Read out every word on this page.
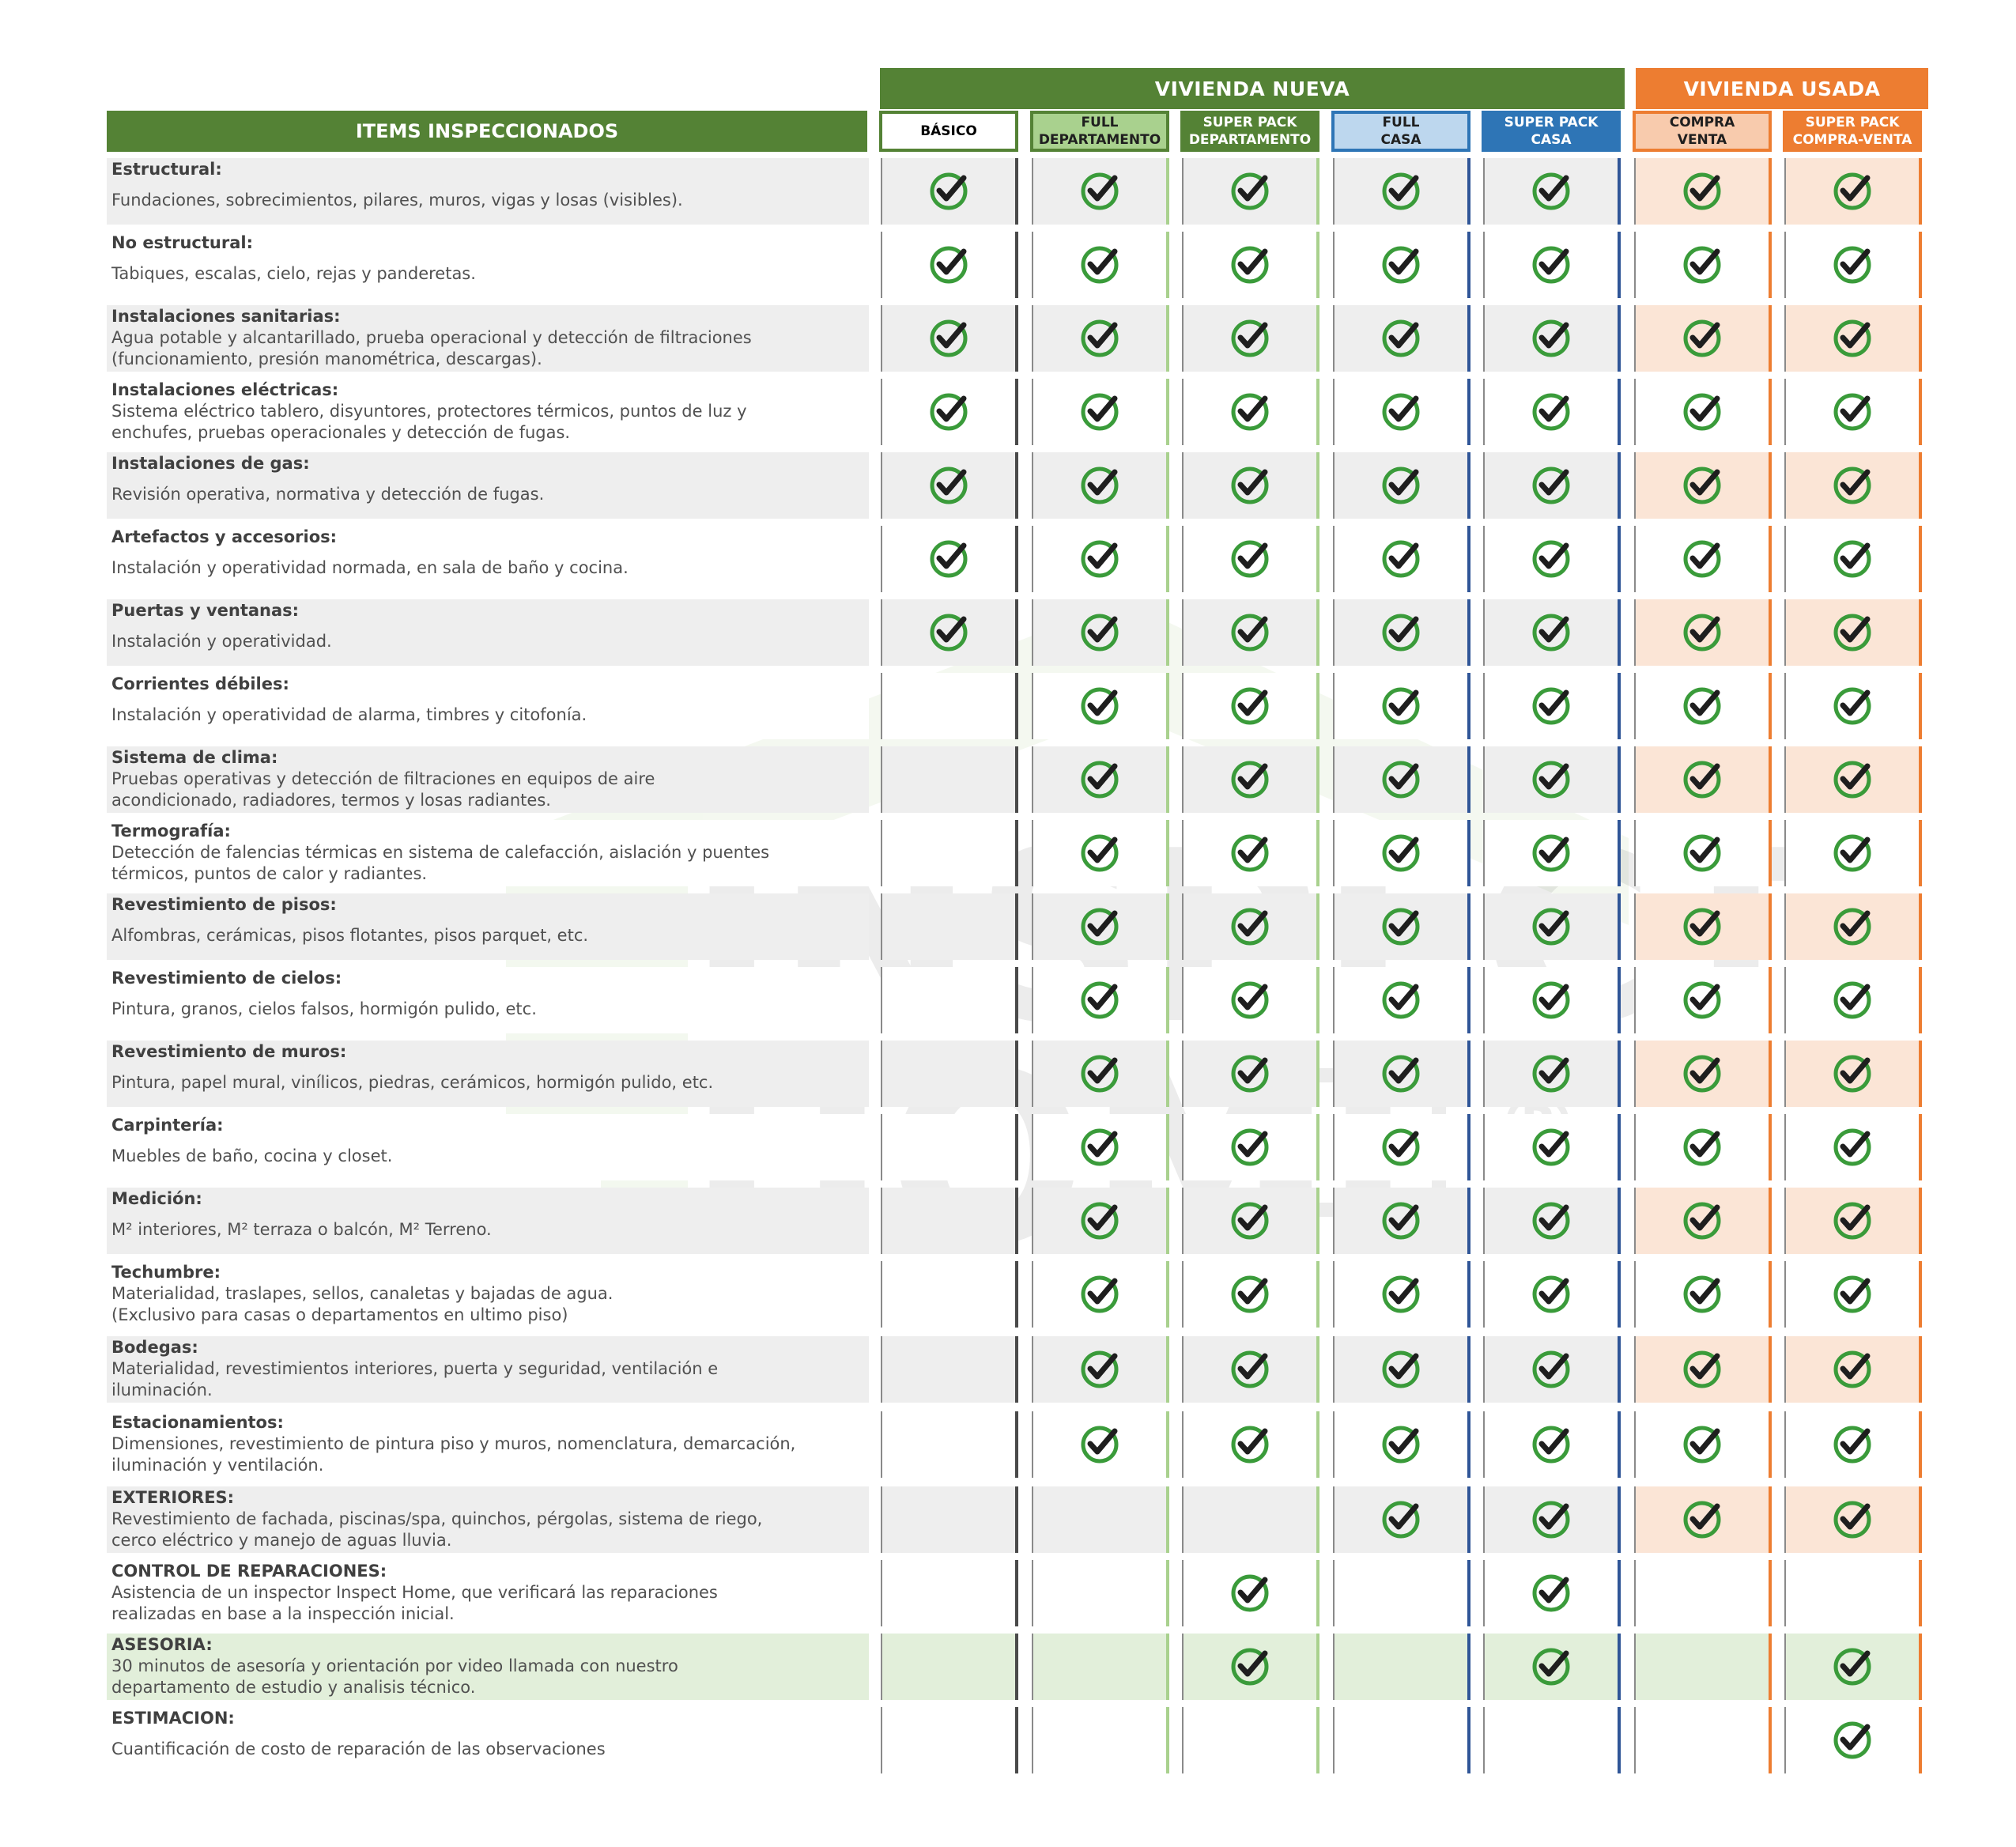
VIVIENDA NUEVA	VIVIENDA USADA
ITEMS INSPECCIONADOS	BÁSICO
FULL
DEPARTAMENTO
SUPER PACK
DEPARTAMENTO
FULL
CASA
SUPER PACK
CASA
COMPRA
VENTA
SUPER PACK
COMPRA-VENTA
Estructural:
Fundaciones, sobrecimientos, pilares, muros, vigas y losas (visibles).
No estructural:
Tabiques, escalas, cielo, rejas y panderetas.
Instalaciones sanitarias:
Agua potable y alcantarillado, prueba operacional y detección de filtraciones
(funcionamiento, presión manométrica, descargas).
Instalaciones eléctricas:
Sistema eléctrico tablero, disyuntores, protectores térmicos, puntos de luz y
enchufes, pruebas operacionales y detección de fugas.
Instalaciones de gas:
Revisión operativa, normativa y detección de fugas.
Artefactos y accesorios:
Instalación y operatividad normada, en sala de baño y cocina.
Puertas y ventanas:
Instalación y operatividad.
Corrientes débiles:
Instalación y operatividad de alarma, timbres y citofonía.
Sistema de clima:
Pruebas operativas y detección de filtraciones en equipos de aire
acondicionado, radiadores, termos y losas radiantes.
Termografía:
Detección de falencias térmicas en sistema de calefacción, aislación y puentes
térmicos, puntos de calor y radiantes.
Revestimiento de pisos:
Alfombras, cerámicas, pisos flotantes, pisos parquet, etc.
Revestimiento de cielos:
Pintura, granos, cielos falsos, hormigón pulido, etc.
Revestimiento de muros:
Pintura, papel mural, vinílicos, piedras, cerámicos, hormigón pulido, etc.
Carpintería:
Muebles de baño, cocina y closet.
Medición:
M² interiores, M² terraza o balcón, M² Terreno.
Techumbre:
Materialidad, traslapes, sellos, canaletas y bajadas de agua.
(Exclusivo para casas o departamentos en ultimo piso)
Bodegas:
Materialidad, revestimientos interiores, puerta y seguridad, ventilación e
iluminación.
Estacionamientos:
Dimensiones, revestimiento de pintura piso y muros, nomenclatura, demarcación,
iluminación y ventilación.
EXTERIORES:
Revestimiento de fachada, piscinas/spa, quinchos, pérgolas, sistema de riego,
cerco eléctrico y manejo de aguas lluvia.
CONTROL DE REPARACIONES:
Asistencia de un inspector Inspect Home, que verificará las reparaciones
realizadas en base a la inspección inicial.
ASESORIA:
30 minutos de asesoría y orientación por video llamada con nuestro
departamento de estudio y analisis técnico.
ESTIMACION:
Cuantificación de costo de reparación de las observaciones
